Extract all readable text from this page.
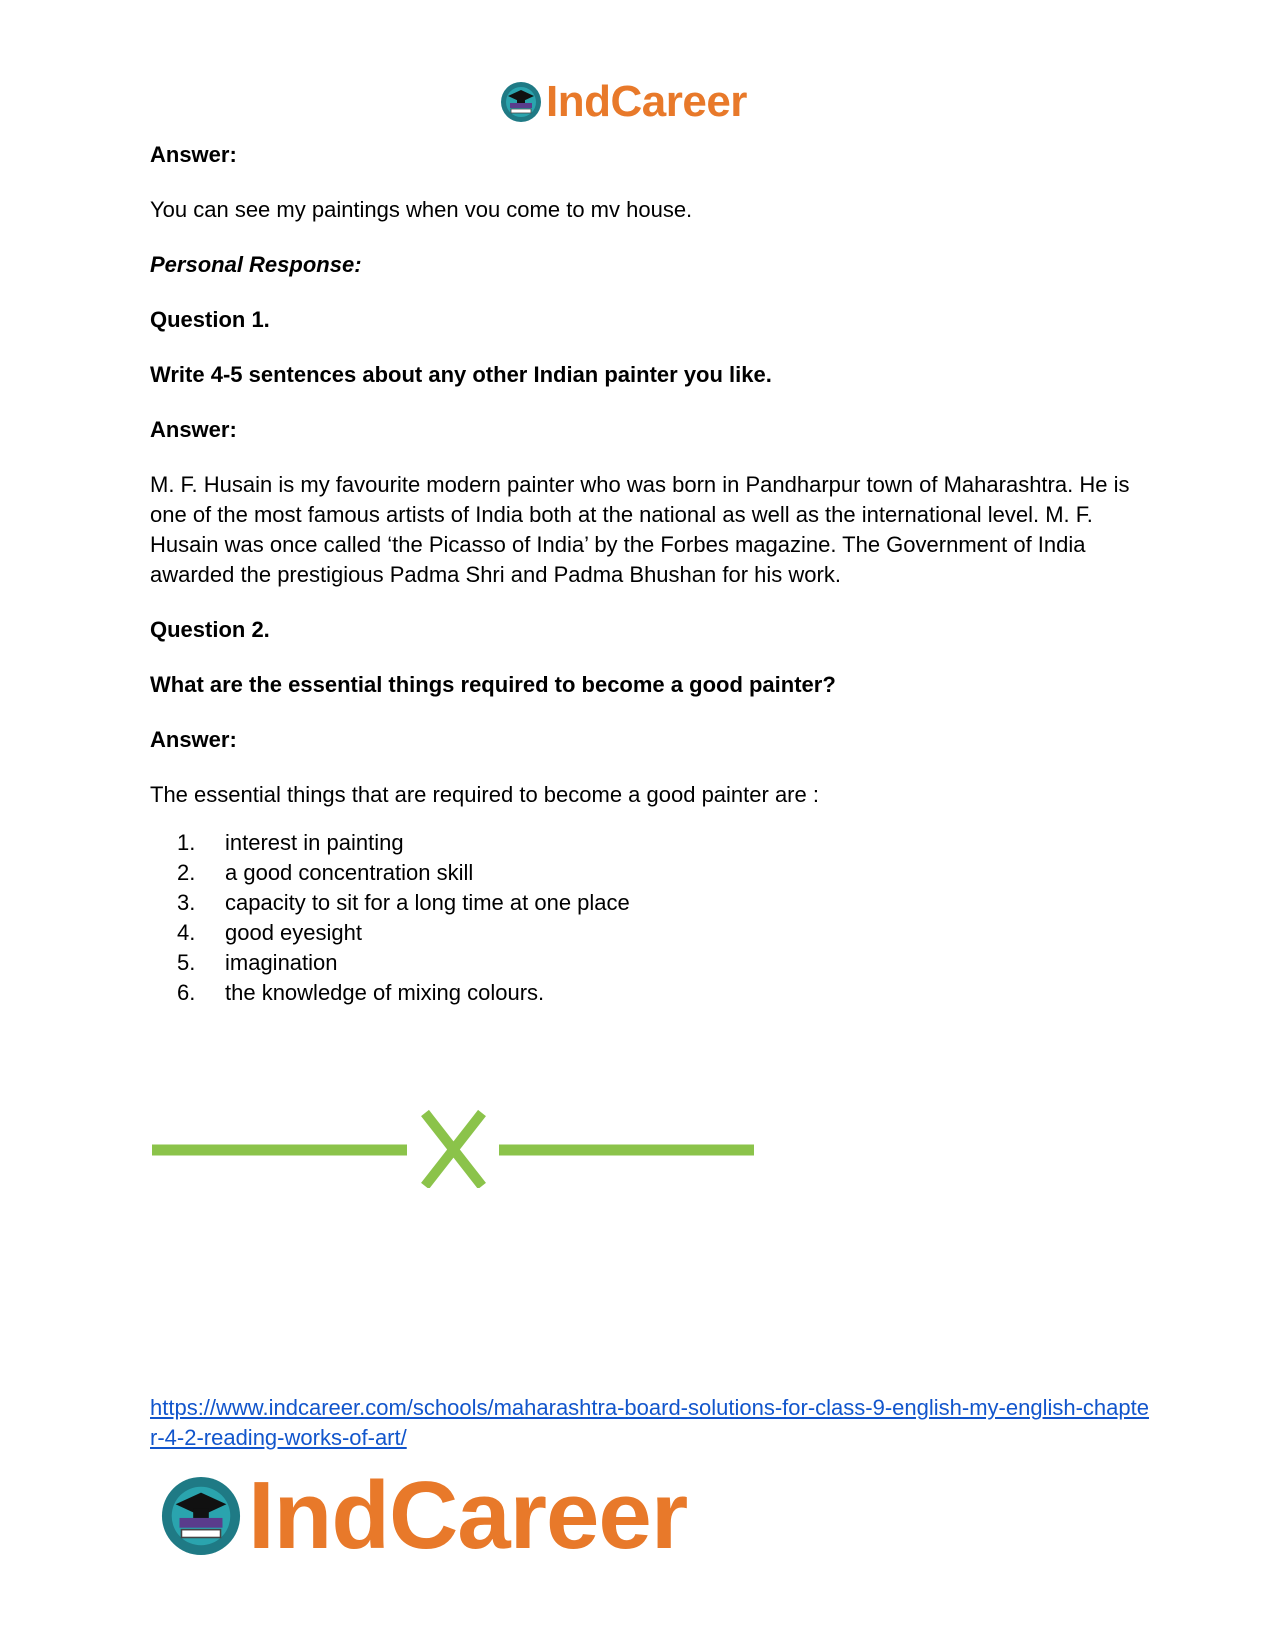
IndCareer
Answer:
You can see my paintings when vou come to mv house.
Personal Response:
Question 1.
Write 4-5 sentences about any other Indian painter you like.
Answer:
M. F. Husain is my favourite modern painter who was born in Pandharpur town of Maharashtra. He is one of the most famous artists of India both at the national as well as the international level. M. F. Husain was once called ‘the Picasso of India’ by the Forbes magazine. The Government of India awarded the prestigious Padma Shri and Padma Bhushan for his work.
Question 2.
What are the essential things required to become a good painter?
Answer:
The essential things that are required to become a good painter are :
1.	interest in painting
2.	a good concentration skill
3.	capacity to sit for a long time at one place
4.	good eyesight
5.	imagination
6.	the knowledge of mixing colours.
https://www.indcareer.com/schools/maharashtra-board-solutions-for-class-9-english-my-english-chapter-4-2-reading-works-of-art/
IndCareer
